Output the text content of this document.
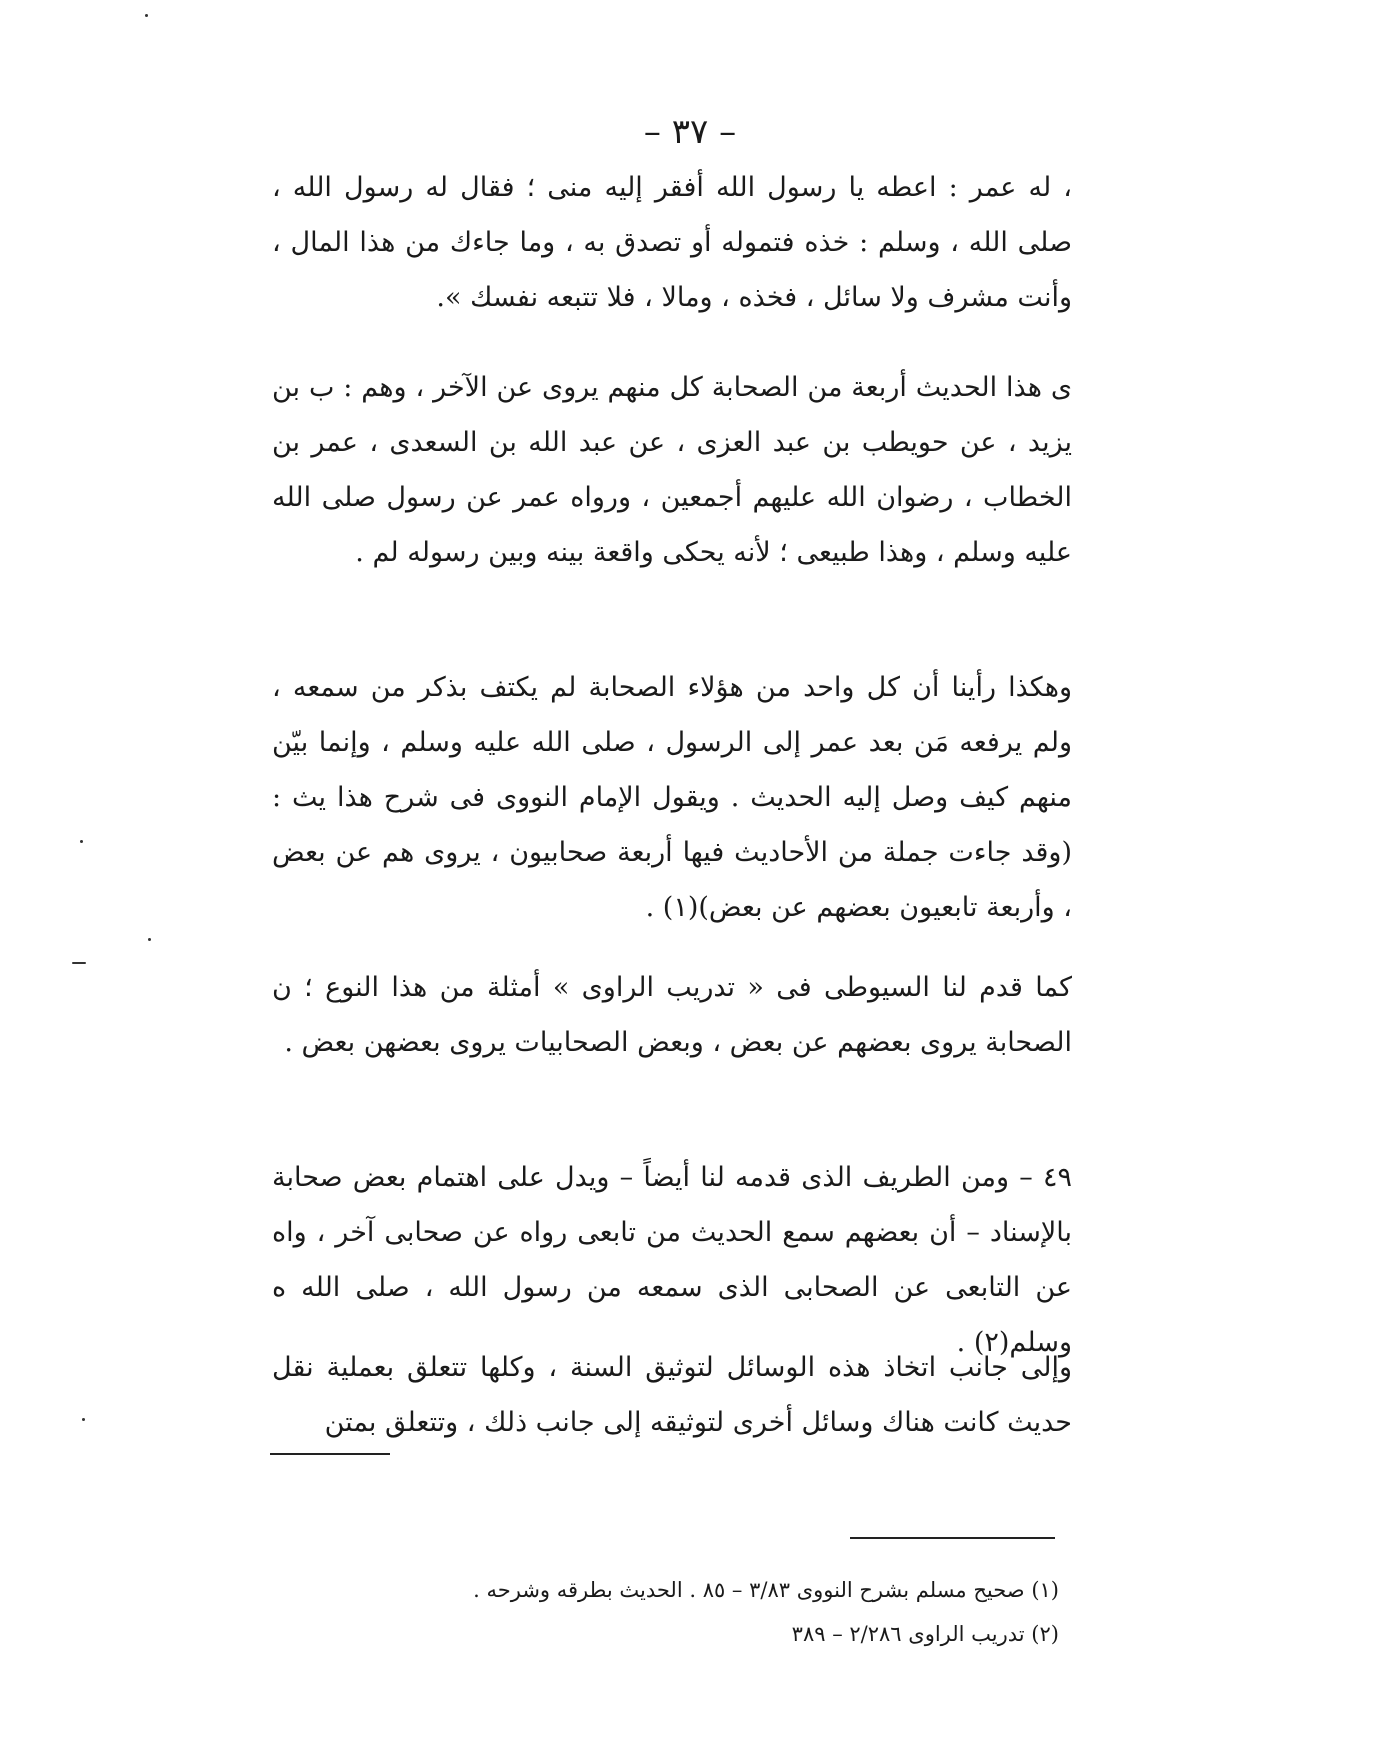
– ٣٧ –
، له عمر : اعطه يا رسول الله أفقر إليه منى ؛ فقال له رسول الله ، صلى الله ، وسلم : خذه فتموله أو تصدق به ، وما جاءك من هذا المال ، وأنت مشرف ولا سائل ، فخذه ، ومالا ، فلا تتبعه نفسك ».
ى هذا الحديث أربعة من الصحابة كل منهم يروى عن الآخر ، وهم : ب بن يزيد ، عن حويطب بن عبد العزى ، عن عبد الله بن السعدى ، عمر بن الخطاب ، رضوان الله عليهم أجمعين ، ورواه عمر عن رسول صلى الله عليه وسلم ، وهذا طبيعى ؛ لأنه يحكى واقعة بينه وبين رسوله لم .
وهكذا رأينا أن كل واحد من هؤلاء الصحابة لم يكتف بذكر من سمعه ، ولم يرفعه مَن بعد عمر إلى الرسول ، صلى الله عليه وسلم ، وإنما بيّن منهم كيف وصل إليه الحديث . ويقول الإمام النووى فى شرح هذا يث : (وقد جاءت جملة من الأحاديث فيها أربعة صحابيون ، يروى هم عن بعض ، وأربعة تابعيون بعضهم عن بعض)(١) .
كما قدم لنا السيوطى فى « تدريب الراوى » أمثلة من هذا النوع ؛ ن الصحابة يروى بعضهم عن بعض ، وبعض الصحابيات يروى بعضهن بعض .
٤٩ – ومن الطريف الذى قدمه لنا أيضاً – ويدل على اهتمام بعض صحابة بالإسناد – أن بعضهم سمع الحديث من تابعى رواه عن صحابى آخر ، واه عن التابعى عن الصحابى الذى سمعه من رسول الله ، صلى الله ه وسلم(٢) .
وإلى جانب اتخاذ هذه الوسائل لتوثيق السنة ، وكلها تتعلق بعملية نقل حديث كانت هناك وسائل أخرى لتوثيقه إلى جانب ذلك ، وتتعلق بمتن
(١) صحيح مسلم بشرح النووى ٣/٨٣ – ٨٥ . الحديث بطرقه وشرحه .
(٢) تدريب الراوى ٢/٢٨٦ – ٣٨٩
